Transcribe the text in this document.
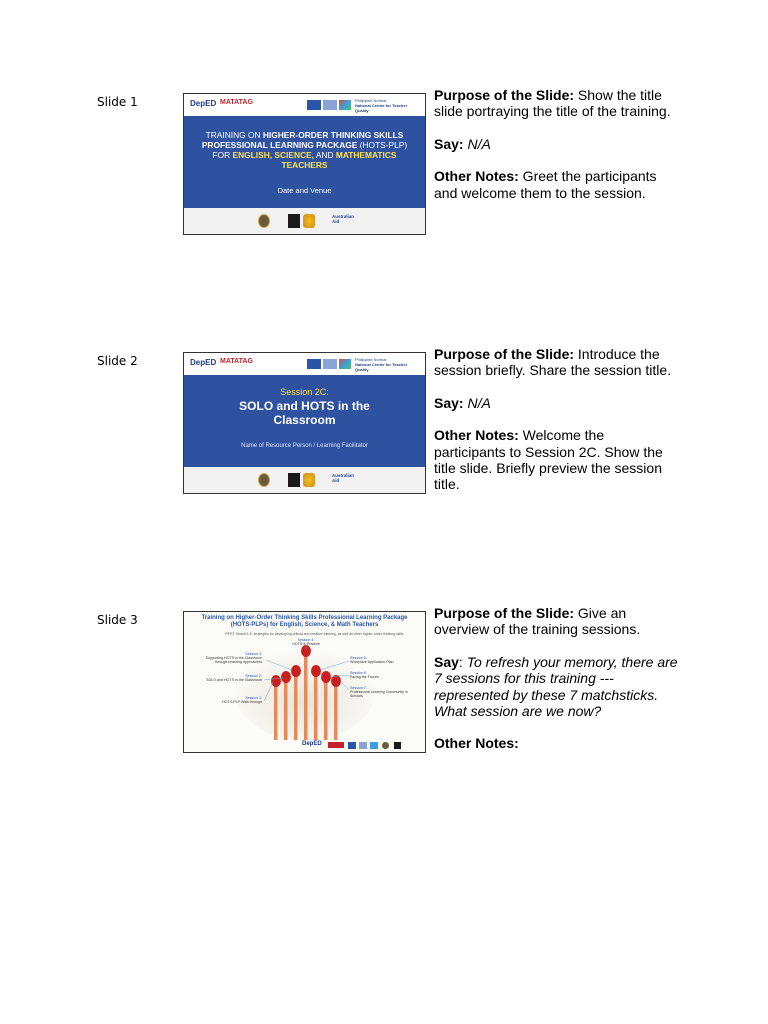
Slide 1	DepED MATATAG	Philippine Normal
National Center for Teacher Quality
TRAINING ON HIGHER-ORDER THINKING SKILLS PROFESSIONAL LEARNING PACKAGE (HOTS-PLP) FOR ENGLISH, SCIENCE, AND MATHEMATICS TEACHERS
Date and Venue
Australian Aid

Purpose of the Slide: Show the title slide portraying the title of the training.

Say: N/A

Other Notes: Greet the participants and welcome them to the session.

Slide 2	DepED MATATAG	Philippine Normal
National Center for Teacher Quality
Session 2C:
SOLO and HOTS in the Classroom
Name of Resource Person / Learning Facilitator
Australian Aid

Purpose of the Slide: Introduce the session briefly. Share the session title.

Say: N/A

Other Notes: Welcome the participants to Session 2C. Show the title slide. Briefly preview the session title.

Slide 3	Training on Higher-Order Thinking Skills Professional Learning Package
(HOTS-PLPs) for English, Science, & Math Teachers
PPST Strand 1.5: strategies for developing critical and creative thinking, as well as other higher-order thinking skills
Session 4:
HOTS in Practice
Session 3:
Supporting HOTS in the Classroom through Learning Approaches
Session 5:
Workplace Application Plan
Session 2:
SOLO and HOTS in the Classroom
Session 6:
Facing the Forces
Session 1:
HOTS-PLP Walk through
Session 7:
Professional Learning Community in Schools
DepED

Purpose of the Slide: Give an overview of the training sessions.

Say: To refresh your memory, there are 7 sessions for this training --- represented by these 7 matchsticks. What session are we now?

Other Notes:
